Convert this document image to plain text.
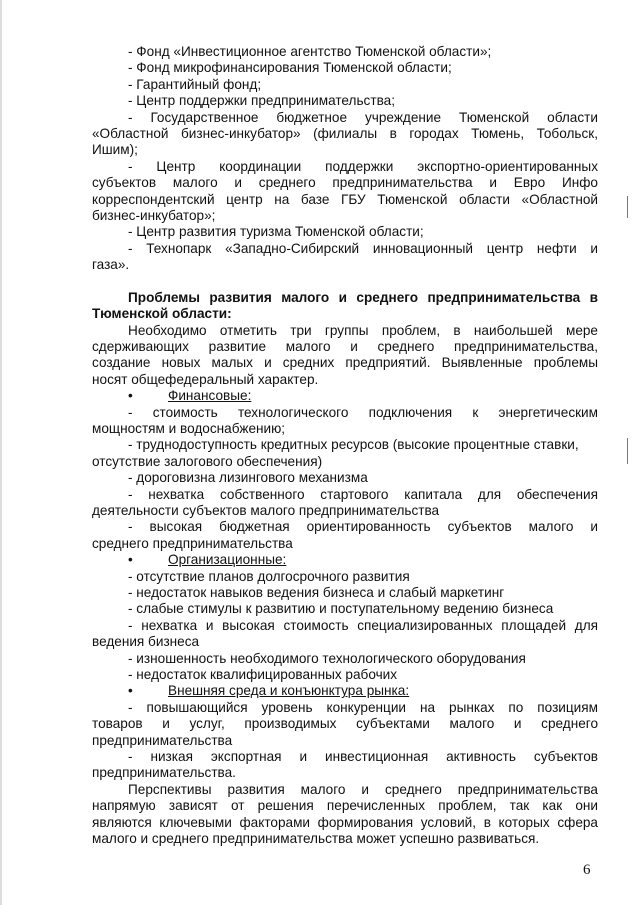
- Фонд «Инвестиционное агентство Тюменской области»;
- Фонд микрофинансирования Тюменской области;
- Гарантийный фонд;
- Центр поддержки предпринимательства;
- Государственное бюджетное учреждение Тюменской области
«Областной бизнес-инкубатор» (филиалы в городах Тюмень, Тобольск,
Ишим);
- Центр координации поддержки экспортно-ориентированных
субъектов малого и среднего предпринимательства и Евро Инфо
корреспондентский центр на базе ГБУ Тюменской области «Областной
бизнес-инкубатор»;
- Центр развития туризма Тюменской области;
- Технопарк «Западно-Сибирский инновационный центр нефти и
газа».
Проблемы развития малого и среднего предпринимательства в
Тюменской области:
Необходимо отметить три группы проблем, в наибольшей мере
сдерживающих развитие малого и среднего предпринимательства,
создание новых малых и средних предприятий. Выявленные проблемы
носят общефедеральный характер.
•	Финансовые:
- стоимость технологического подключения к энергетическим
мощностям и водоснабжению;
- труднодоступность кредитных ресурсов (высокие процентные ставки,
отсутствие залогового обеспечения)
- дороговизна лизингового механизма
- нехватка собственного стартового капитала для обеспечения
деятельности субъектов малого предпринимательства
- высокая бюджетная ориентированность субъектов малого и
среднего предпринимательства
•	Организационные:
- отсутствие планов долгосрочного развития
- недостаток навыков ведения бизнеса и слабый маркетинг
- слабые стимулы к развитию и поступательному ведению бизнеса
- нехватка и высокая стоимость специализированных площадей для
ведения бизнеса
- изношенность необходимого технологического оборудования
- недостаток квалифицированных рабочих
•	Внешняя среда и конъюнктура рынка:
- повышающийся уровень конкуренции на рынках по позициям
товаров и услуг, производимых субъектами малого и среднего
предпринимательства
- низкая экспортная и инвестиционная активность субъектов
предпринимательства.
Перспективы развития малого и среднего предпринимательства
напрямую зависят от решения перечисленных проблем, так как они
являются ключевыми факторами формирования условий, в которых сфера
малого и среднего предпринимательства может успешно развиваться.
6
